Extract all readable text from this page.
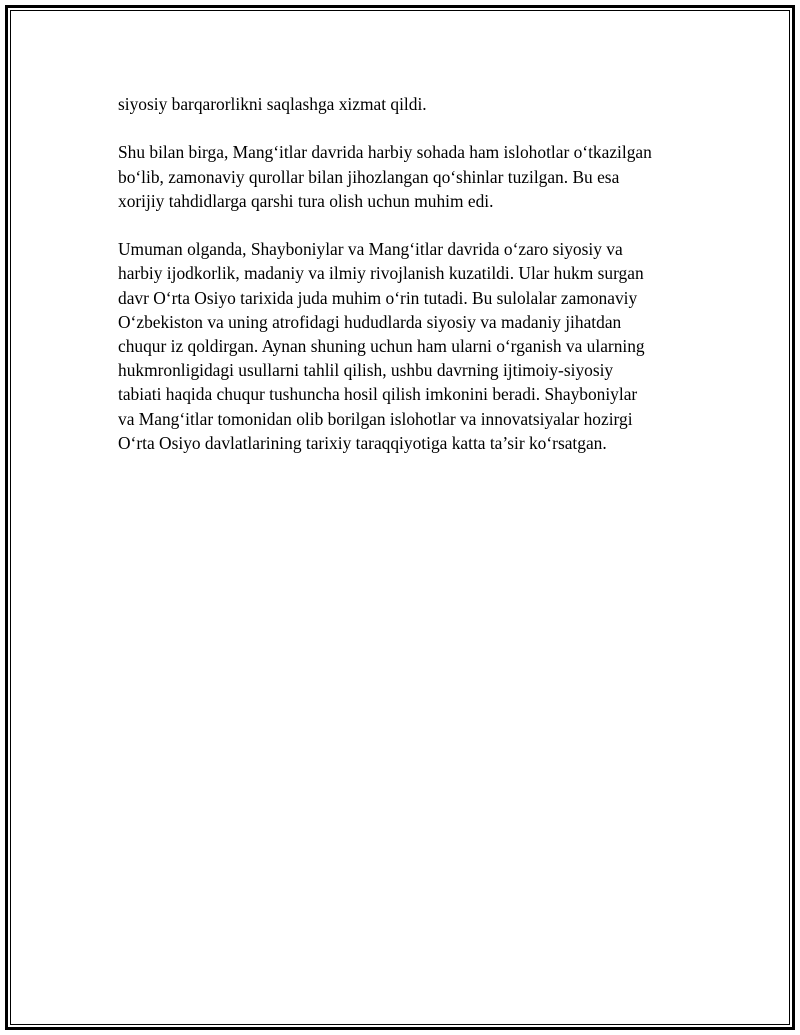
siyosiy barqarorlikni saqlashga xizmat qildi.

Shu bilan birga, Mang‘itlar davrida harbiy sohada ham islohotlar o‘tkazilgan
bo‘lib, zamonaviy qurollar bilan jihozlangan qo‘shinlar tuzilgan. Bu esa
xorijiy tahdidlarga qarshi tura olish uchun muhim edi.

Umuman olganda, Shayboniylar va Mang‘itlar davrida o‘zaro siyosiy va
harbiy ijodkorlik, madaniy va ilmiy rivojlanish kuzatildi. Ular hukm surgan
davr O‘rta Osiyo tarixida juda muhim o‘rin tutadi. Bu sulolalar zamonaviy
O‘zbekiston va uning atrofidagi hududlarda siyosiy va madaniy jihatdan
chuqur iz qoldirgan. Aynan shuning uchun ham ularni o‘rganish va ularning
hukmronligidagi usullarni tahlil qilish, ushbu davrning ijtimoiy-siyosiy
tabiati haqida chuqur tushuncha hosil qilish imkonini beradi. Shayboniylar
va Mang‘itlar tomonidan olib borilgan islohotlar va innovatsiyalar hozirgi
O‘rta Osiyo davlatlarining tarixiy taraqqiyotiga katta ta’sir ko‘rsatgan.
